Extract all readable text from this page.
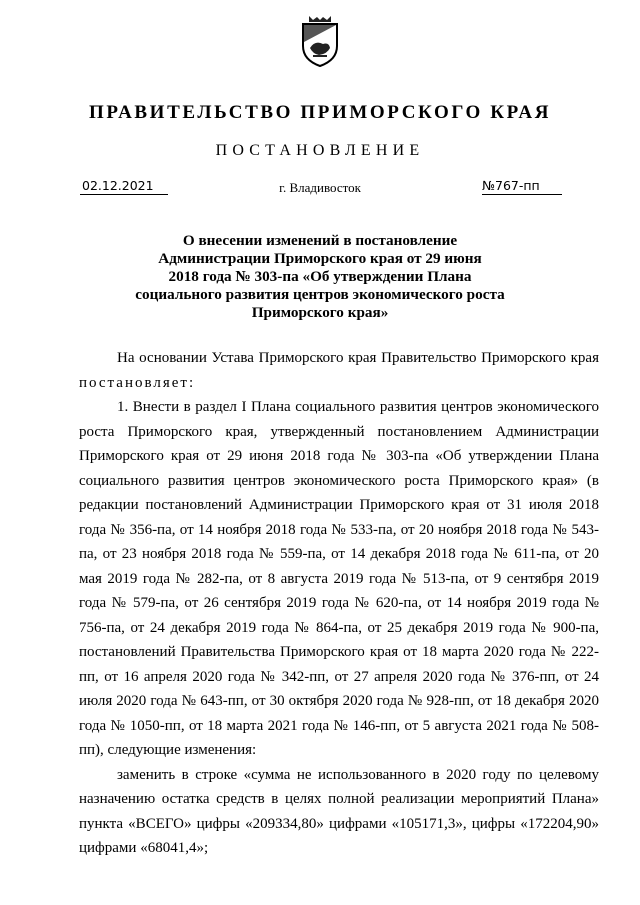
ПРАВИТЕЛЬСТВО ПРИМОРСКОГО КРАЯ
ПОСТАНОВЛЕНИЕ
02.12.2021	г. Владивосток	№767-пп
О внесении изменений в постановление
Администрации Приморского края от 29 июня
2018 года № 303-па «Об утверждении Плана
социального развития центров экономического роста
Приморского края»

На основании Устава Приморского края Правительство Приморского края постановляет:

1. Внести в раздел I Плана социального развития центров экономического роста Приморского края, утвержденный постановлением Администрации Приморского края от 29 июня 2018 года № 303-па «Об утверждении Плана социального развития центров экономического роста Приморского края» (в редакции постановлений Администрации Приморского края от 31 июля 2018 года № 356-па, от 14 ноября 2018 года № 533-па, от 20 ноября 2018 года № 543-па, от 23 ноября 2018 года № 559-па, от 14 декабря 2018 года № 611-па, от 20 мая 2019 года № 282-па, от 8 августа 2019 года № 513-па, от 9 сентября 2019 года № 579-па, от 26 сентября 2019 года № 620-па, от 14 ноября 2019 года № 756-па, от 24 декабря 2019 года № 864-па, от 25 декабря 2019 года № 900-па, постановлений Правительства Приморского края от 18 марта 2020 года № 222-пп, от 16 апреля 2020 года № 342-пп, от 27 апреля 2020 года № 376-пп, от 24 июля 2020 года № 643-пп, от 30 октября 2020 года № 928-пп, от 18 декабря 2020 года № 1050-пп, от 18 марта 2021 года № 146-пп, от 5 августа 2021 года № 508-пп), следующие изменения:

заменить в строке «сумма не использованного в 2020 году по целевому назначению остатка средств в целях полной реализации мероприятий Плана» пункта «ВСЕГО» цифры «209334,80» цифрами «105171,3», цифры «172204,90» цифрами «68041,4»;
